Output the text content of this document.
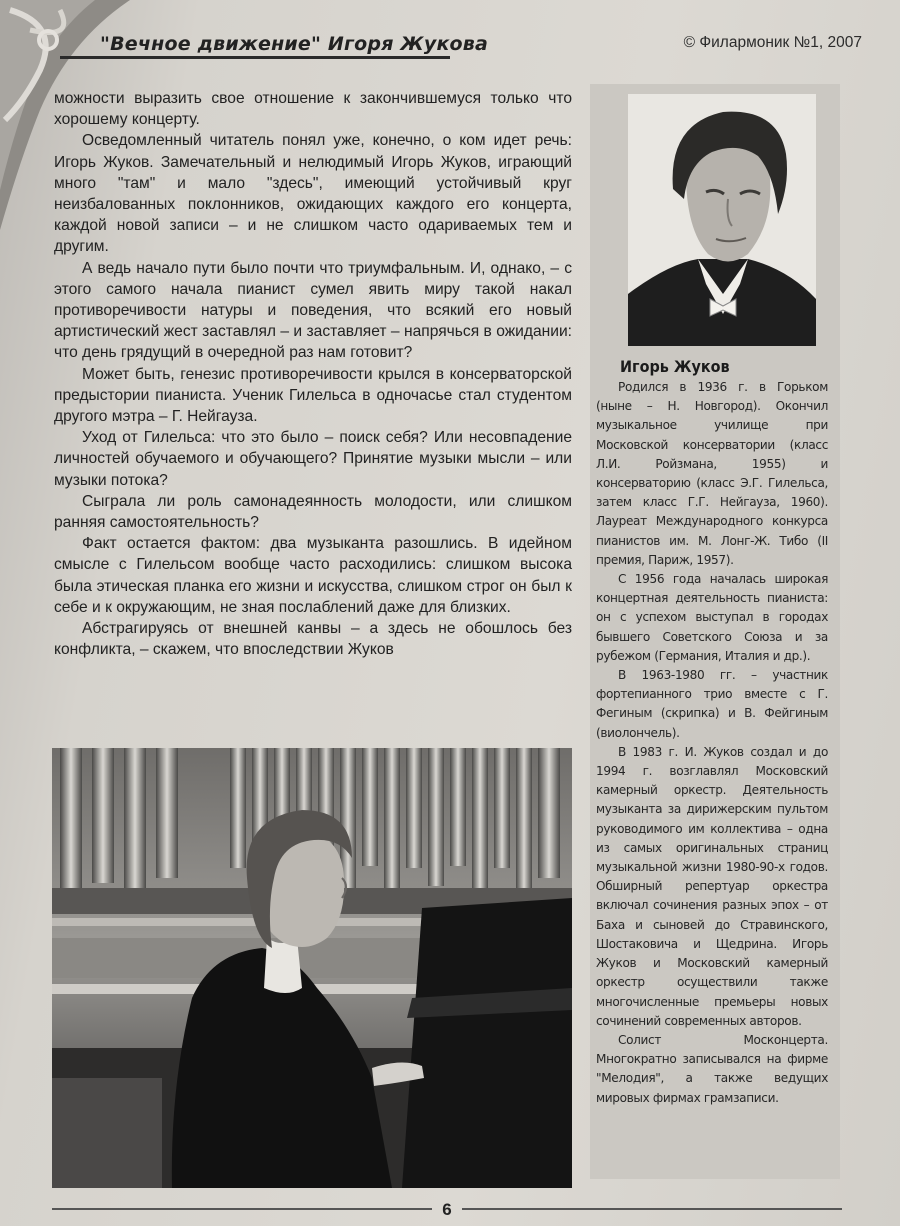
"Вечное движение" Игоря Жукова	© Филармоник №1, 2007

можности выразить свое отношение к закончившемуся только что хорошему концерту.

Осведомленный читатель понял уже, конечно, о ком идет речь: Игорь Жуков. Замечательный и нелюдимый Игорь Жуков, играющий много "там" и мало "здесь", имеющий устойчивый круг неизбалованных поклонников, ожидающих каждого его концерта, каждой новой записи – и не слишком часто одариваемых тем и другим.

А ведь начало пути было почти что триумфальным. И, однако, – с этого самого начала пианист сумел явить миру такой накал противоречивости натуры и поведения, что всякий его новый артистический жест заставлял – и заставляет – напрячься в ожидании: что день грядущий в очередной раз нам готовит?

Может быть, генезис противоречивости крылся в консерваторской предыстории пианиста. Ученик Гилельса в одночасье стал студентом другого мэтра – Г. Нейгауза.

Уход от Гилельса: что это было – поиск себя? Или несовпадение личностей обучаемого и обучающего? Принятие музыки мысли – или музыки потока?

Сыграла ли роль самонадеянность молодости, или слишком ранняя самостоятельность?

Факт остается фактом: два музыканта разошлись. В идейном смысле с Гилельсом вообще часто расходились: слишком высока была этическая планка его жизни и искусства, слишком строг он был к себе и к окружающим, не зная послаблений даже для близких.

Абстрагируясь от внешней канвы – а здесь не обошлось без конфликта, – скажем, что впоследствии Жуков

Игорь Жуков

Родился в 1936 г. в Горьком (ныне – Н. Новгород). Окончил музыкальное училище при Московской консерватории (класс Л.И. Ройзмана, 1955) и консерваторию (класс Э.Г. Гилельса, затем класс Г.Г. Нейгауза, 1960). Лауреат Международного конкурса пианистов им. М. Лонг-Ж. Тибо (II премия, Париж, 1957).

С 1956 года началась широкая концертная деятельность пианиста: он с успехом выступал в городах бывшего Советского Союза и за рубежом (Германия, Италия и др.).

В 1963-1980 гг. – участник фортепианного трио вместе с Г. Фегиным (скрипка) и В. Фейгиным (виолончель).

В 1983 г. И. Жуков создал и до 1994 г. возглавлял Московский камерный оркестр. Деятельность музыканта за дирижерским пультом руководимого им коллектива – одна из самых оригинальных страниц музыкальной жизни 1980-90-х годов. Обширный репертуар оркестра включал сочинения разных эпох – от Баха и сыновей до Стравинского, Шостаковича и Щедрина. Игорь Жуков и Московский камерный оркестр осуществили также многочисленные премьеры новых сочинений современных авторов.

Солист Москонцерта. Многократно записывался на фирме "Мелодия", а также ведущих мировых фирмах грамзаписи.

6
